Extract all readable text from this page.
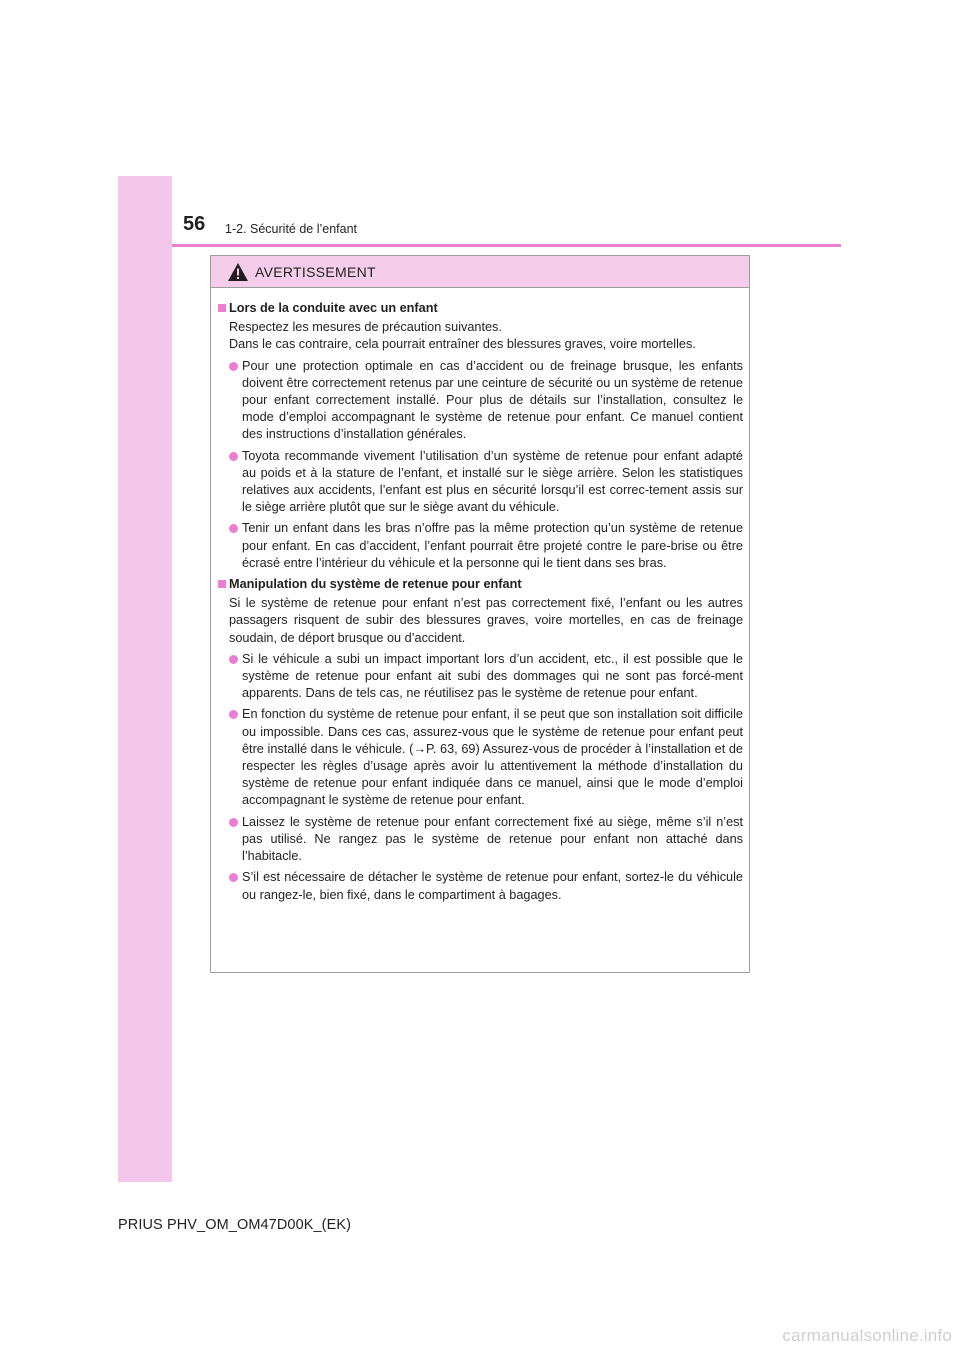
56 1-2. Sécurité de l’enfant
AVERTISSEMENT
Lors de la conduite avec un enfant
Respectez les mesures de précaution suivantes.
Dans le cas contraire, cela pourrait entraîner des blessures graves, voire mortelles.
Pour une protection optimale en cas d’accident ou de freinage brusque, les enfants doivent être correctement retenus par une ceinture de sécurité ou un système de retenue pour enfant correctement installé. Pour plus de détails sur l’installation, consultez le mode d’emploi accompagnant le système de retenue pour enfant. Ce manuel contient des instructions d’installation générales.
Toyota recommande vivement l’utilisation d’un système de retenue pour enfant adapté au poids et à la stature de l’enfant, et installé sur le siège arrière. Selon les statistiques relatives aux accidents, l’enfant est plus en sécurité lorsqu’il est correc-tement assis sur le siège arrière plutôt que sur le siège avant du véhicule.
Tenir un enfant dans les bras n’offre pas la même protection qu’un système de retenue pour enfant. En cas d’accident, l’enfant pourrait être projeté contre le pare-brise ou être écrasé entre l’intérieur du véhicule et la personne qui le tient dans ses bras.
Manipulation du système de retenue pour enfant
Si le système de retenue pour enfant n’est pas correctement fixé, l’enfant ou les autres passagers risquent de subir des blessures graves, voire mortelles, en cas de freinage soudain, de déport brusque ou d’accident.
Si le véhicule a subi un impact important lors d’un accident, etc., il est possible que le système de retenue pour enfant ait subi des dommages qui ne sont pas forcé-ment apparents. Dans de tels cas, ne réutilisez pas le système de retenue pour enfant.
En fonction du système de retenue pour enfant, il se peut que son installation soit difficile ou impossible. Dans ces cas, assurez-vous que le système de retenue pour enfant peut être installé dans le véhicule. (→P. 63, 69) Assurez-vous de procéder à l’installation et de respecter les règles d’usage après avoir lu attentivement la méthode d’installation du système de retenue pour enfant indiquée dans ce manuel, ainsi que le mode d’emploi accompagnant le système de retenue pour enfant.
Laissez le système de retenue pour enfant correctement fixé au siège, même s’il n’est pas utilisé. Ne rangez pas le système de retenue pour enfant non attaché dans l’habitacle.
S’il est nécessaire de détacher le système de retenue pour enfant, sortez-le du véhicule ou rangez-le, bien fixé, dans le compartiment à bagages.
PRIUS PHV_OM_OM47D00K_(EK)
carmanualsonline.info
